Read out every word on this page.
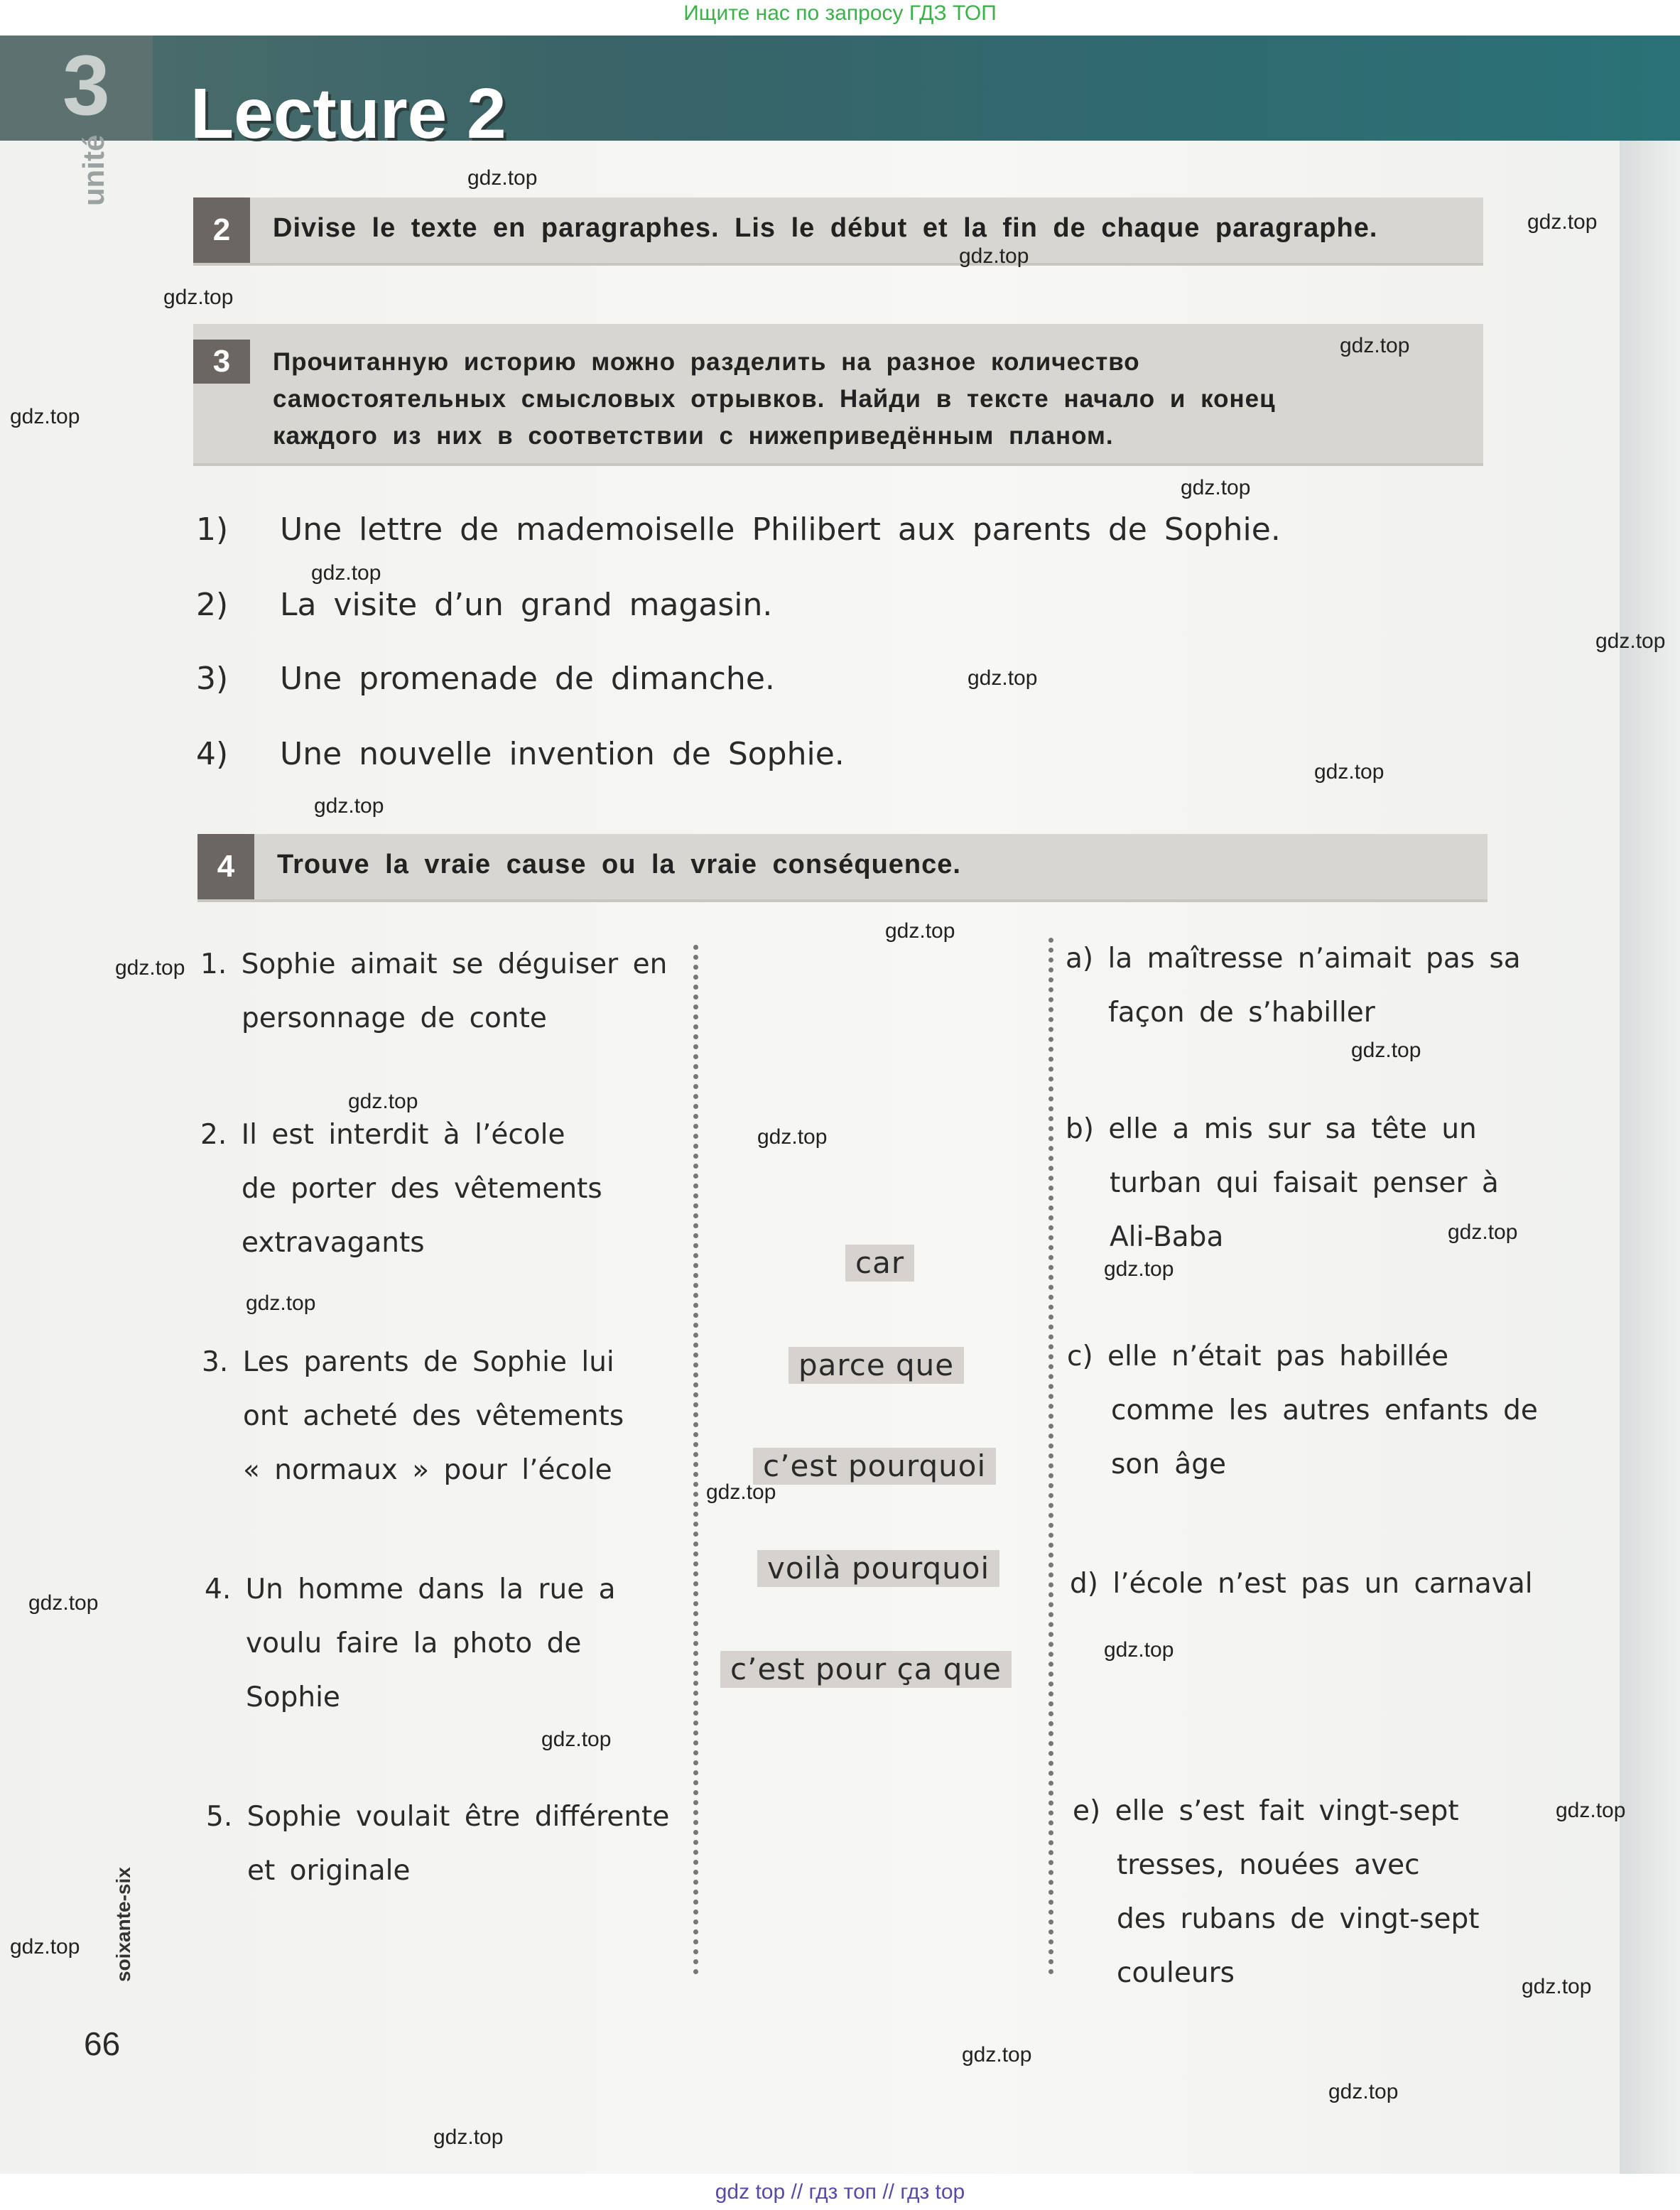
Ищите нас по запросу ГДЗ ТОП
3 Lecture 2
unité
2	Divise le texte en paragraphes. Lis le début et la fin de chaque paragraphe.
3	Прочитанную историю можно разделить на разное количество
самостоятельных смысловых отрывков. Найди в тексте начало и конец
каждого из них в соответствии с нижеприведённым планом.
1) Une lettre de mademoiselle Philibert aux parents de Sophie.
2) La visite d’un grand magasin.
3) Une promenade de dimanche.
4) Une nouvelle invention de Sophie.
4	Trouve la vraie cause ou la vraie conséquence.
1. Sophie aimait se déguiser en
personnage de conte
2. Il est interdit à l’école
de porter des vêtements
extravagants
3. Les parents de Sophie lui
ont acheté des vêtements
« normaux » pour l’école
4. Un homme dans la rue a
voulu faire la photo de
Sophie
5. Sophie voulait être différente
et originale
car
parce que
c’est pourquoi
voilà pourquoi
c’est pour ça que
a) la maîtresse n’aimait pas sa
façon de s’habiller
b) elle a mis sur sa tête un
turban qui faisait penser à
Ali-Baba
c) elle n’était pas habillée
comme les autres enfants de
son âge
d) l’école n’est pas un carnaval
e) elle s’est fait vingt-sept
tresses, nouées avec
des rubans de vingt-sept
couleurs
soixante-six
66
gdz.top
gdz.top
gdz.top
gdz.top
gdz.top
gdz.top
gdz.top
gdz.top
gdz.top
gdz.top
gdz.top
gdz.top
gdz.top
gdz.top
gdz.top
gdz.top
gdz.top
gdz.top
gdz.top
gdz.top
gdz.top
gdz.top
gdz.top
gdz.top
gdz.top
gdz.top
gdz.top
gdz.top
gdz.top
gdz.top
gdz top // гдз топ // гдз top
